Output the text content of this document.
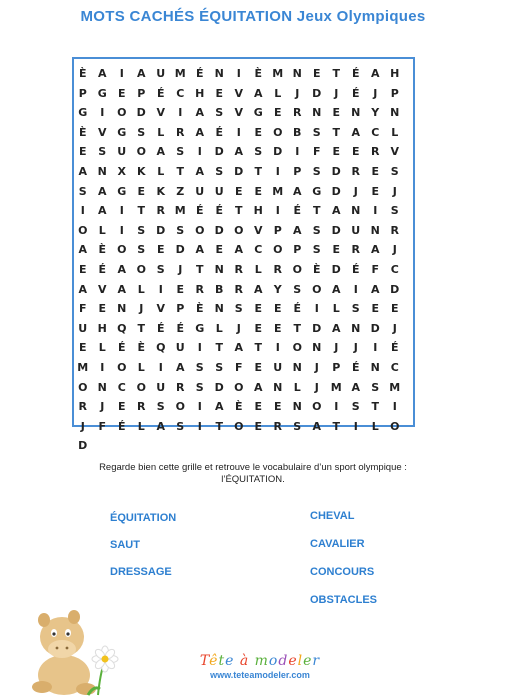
MOTS CACHÉS ÉQUITATION Jeux Olympiques
È	A	I	A U M É	N	I	È M N	E	T	É	A H
P G	E	P	É	C H	E	V A	L	J	D	J	É	J	P
G	I	O D V	I	A	S	V G	E	R N	E	N Y N
È	V G	S	L	R	A	É	I	E	O B	S	T	A	C	L
E	S	U O A	S	I	D A	S D	I	F	E	E	R	V
A N X	K	L	T	A	S D	T	I	P	S D R	E	S
S	A G	E	K	Z	U U	E	E M A G D	J	E	J
I	A	I	T	R M É	É	T	H	I	É	T	A N	I	S
O	L	I	S D S O D O V	P	A	S D U N R
A	È	O S	E	D A	E	A	C O P	S	E	R	A	J
E	É	A O S	J	T	N R	L	R O	È	D	É	F	C
A V A	L	I	E	R	B	R	A	Y	S O A	I	A D
F	E	N	J	V	P	È	N S	E	E	É	I	L	S	E	E
U H Q	T	É	É	G	L	J	E	E	T	D A N D	J
E	L	É	È	Q U	I	T	A	T	I	O N	J	J	I	É
M	I	O	L	I	A	S	S	F	E	U N	J	P	É	N C
O N C O U R	S D O A N	L	J	M A	S M
R	J	E	R	S O	I	A	È	E	E	N O	I	S	T	I
J	F	É	L	A	S	I	T	O	E	R	S	A	T	I	L	O
D
Regarde bien cette grille et retrouve le vocabulaire d’un sport olympique :
l’ÉQUITATION.
ÉQUITATION
SAUT
DRESSAGE
CHEVAL
CAVALIER
CONCOURS
OBSTACLES
Tête à modeler
www.teteamodeler.com
